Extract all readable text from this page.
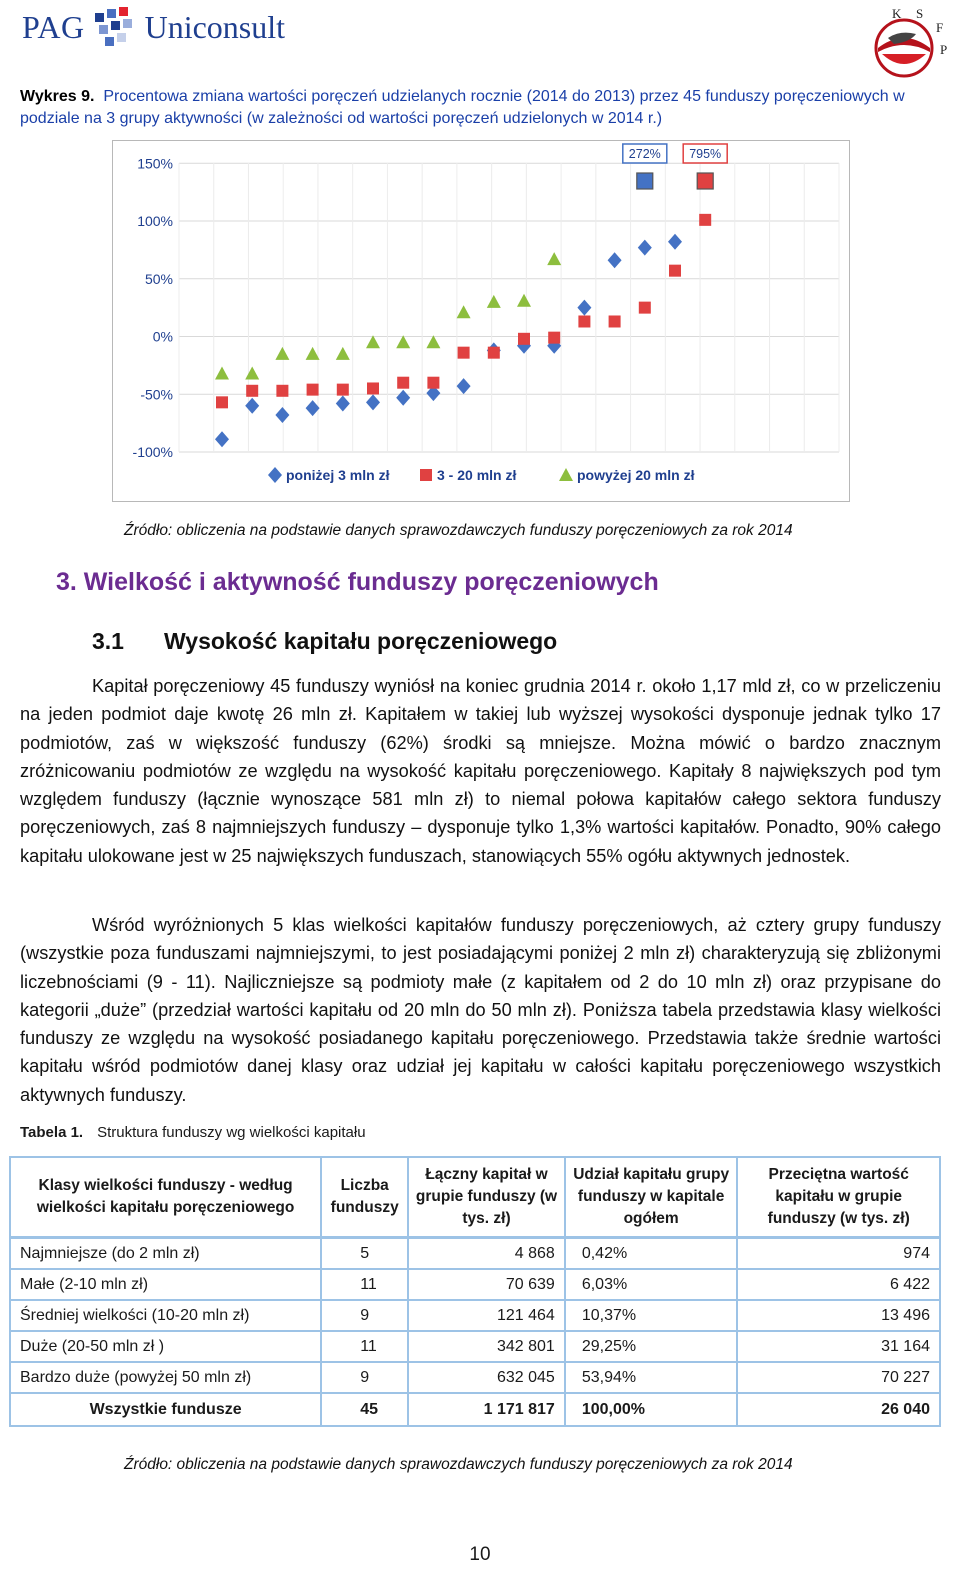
PAG Uniconsult	K S
F
P
Wykres 9. Procentowa zmiana wartości poręczeń udzielanych rocznie (2014 do 2013) przez 45 funduszy poręczeniowych w podziale na 3 grupy aktywności (w zależności od wartości poręczeń udzielonych w 2014 r.)
150%
100%
50%
0%
-50%
-100%
272% 795%
poniżej 3 mln zł	3 - 20 mln zł	powyżej 20 mln zł
Źródło: obliczenia na podstawie danych sprawozdawczych funduszy poręczeniowych za rok 2014
3. Wielkość i aktywność funduszy poręczeniowych
3.1 Wysokość kapitału poręczeniowego

Kapitał poręczeniowy 45 funduszy wyniósł na koniec grudnia 2014 r. około 1,17 mld zł, co w przeliczeniu na jeden podmiot daje kwotę 26 mln zł. Kapitałem w takiej lub wyższej wysokości dysponuje jednak tylko 17 podmiotów, zaś w większość funduszy (62%) środki są mniejsze. Można mówić o bardzo znacznym zróżnicowaniu podmiotów ze względu na wysokość kapitału poręczeniowego. Kapitały 8 największych pod tym względem funduszy (łącznie wynoszące 581 mln zł) to niemal połowa kapitałów całego sektora funduszy poręczeniowych, zaś 8 najmniejszych funduszy – dysponuje tylko 1,3% wartości kapitałów. Ponadto, 90% całego kapitału ulokowane jest w 25 największych funduszach, stanowiących 55% ogółu aktywnych jednostek.

Wśród wyróżnionych 5 klas wielkości kapitałów funduszy poręczeniowych, aż cztery grupy funduszy (wszystkie poza funduszami najmniejszymi, to jest posiadającymi poniżej 2 mln zł) charakteryzują się zbliżonymi liczebnościami (9 - 11). Najliczniejsze są podmioty małe (z kapitałem od 2 do 10 mln zł) oraz przypisane do kategorii „duże” (przedział wartości kapitału od 20 mln do 50 mln zł). Poniższa tabela przedstawia klasy wielkości funduszy ze względu na wysokość posiadanego kapitału poręczeniowego. Przedstawia także średnie wartości kapitału wśród podmiotów danej klasy oraz udział jej kapitału w całości kapitału poręczeniowego wszystkich aktywnych funduszy.

Tabela 1. Struktura funduszy wg wielkości kapitału
Klasy wielkości funduszy - według wielkości kapitału poręczeniowego	Liczba funduszy	Łączny kapitał w grupie funduszy (w tys. zł)	Udział kapitału grupy funduszy w kapitale ogółem	Przeciętna wartość kapitału w grupie funduszy (w tys. zł)
Najmniejsze (do 2 mln zł)	5	4 868	0,42%	974
Małe (2-10 mln zł)	11	70 639	6,03%	6 422
Średniej wielkości (10-20 mln zł)	9	121 464	10,37%	13 496
Duże (20-50 mln zł )	11	342 801	29,25%	31 164
Bardzo duże (powyżej 50 mln zł)	9	632 045	53,94%	70 227
Wszystkie fundusze	45	1 171 817	100,00%	26 040
Źródło: obliczenia na podstawie danych sprawozdawczych funduszy poręczeniowych za rok 2014
10
